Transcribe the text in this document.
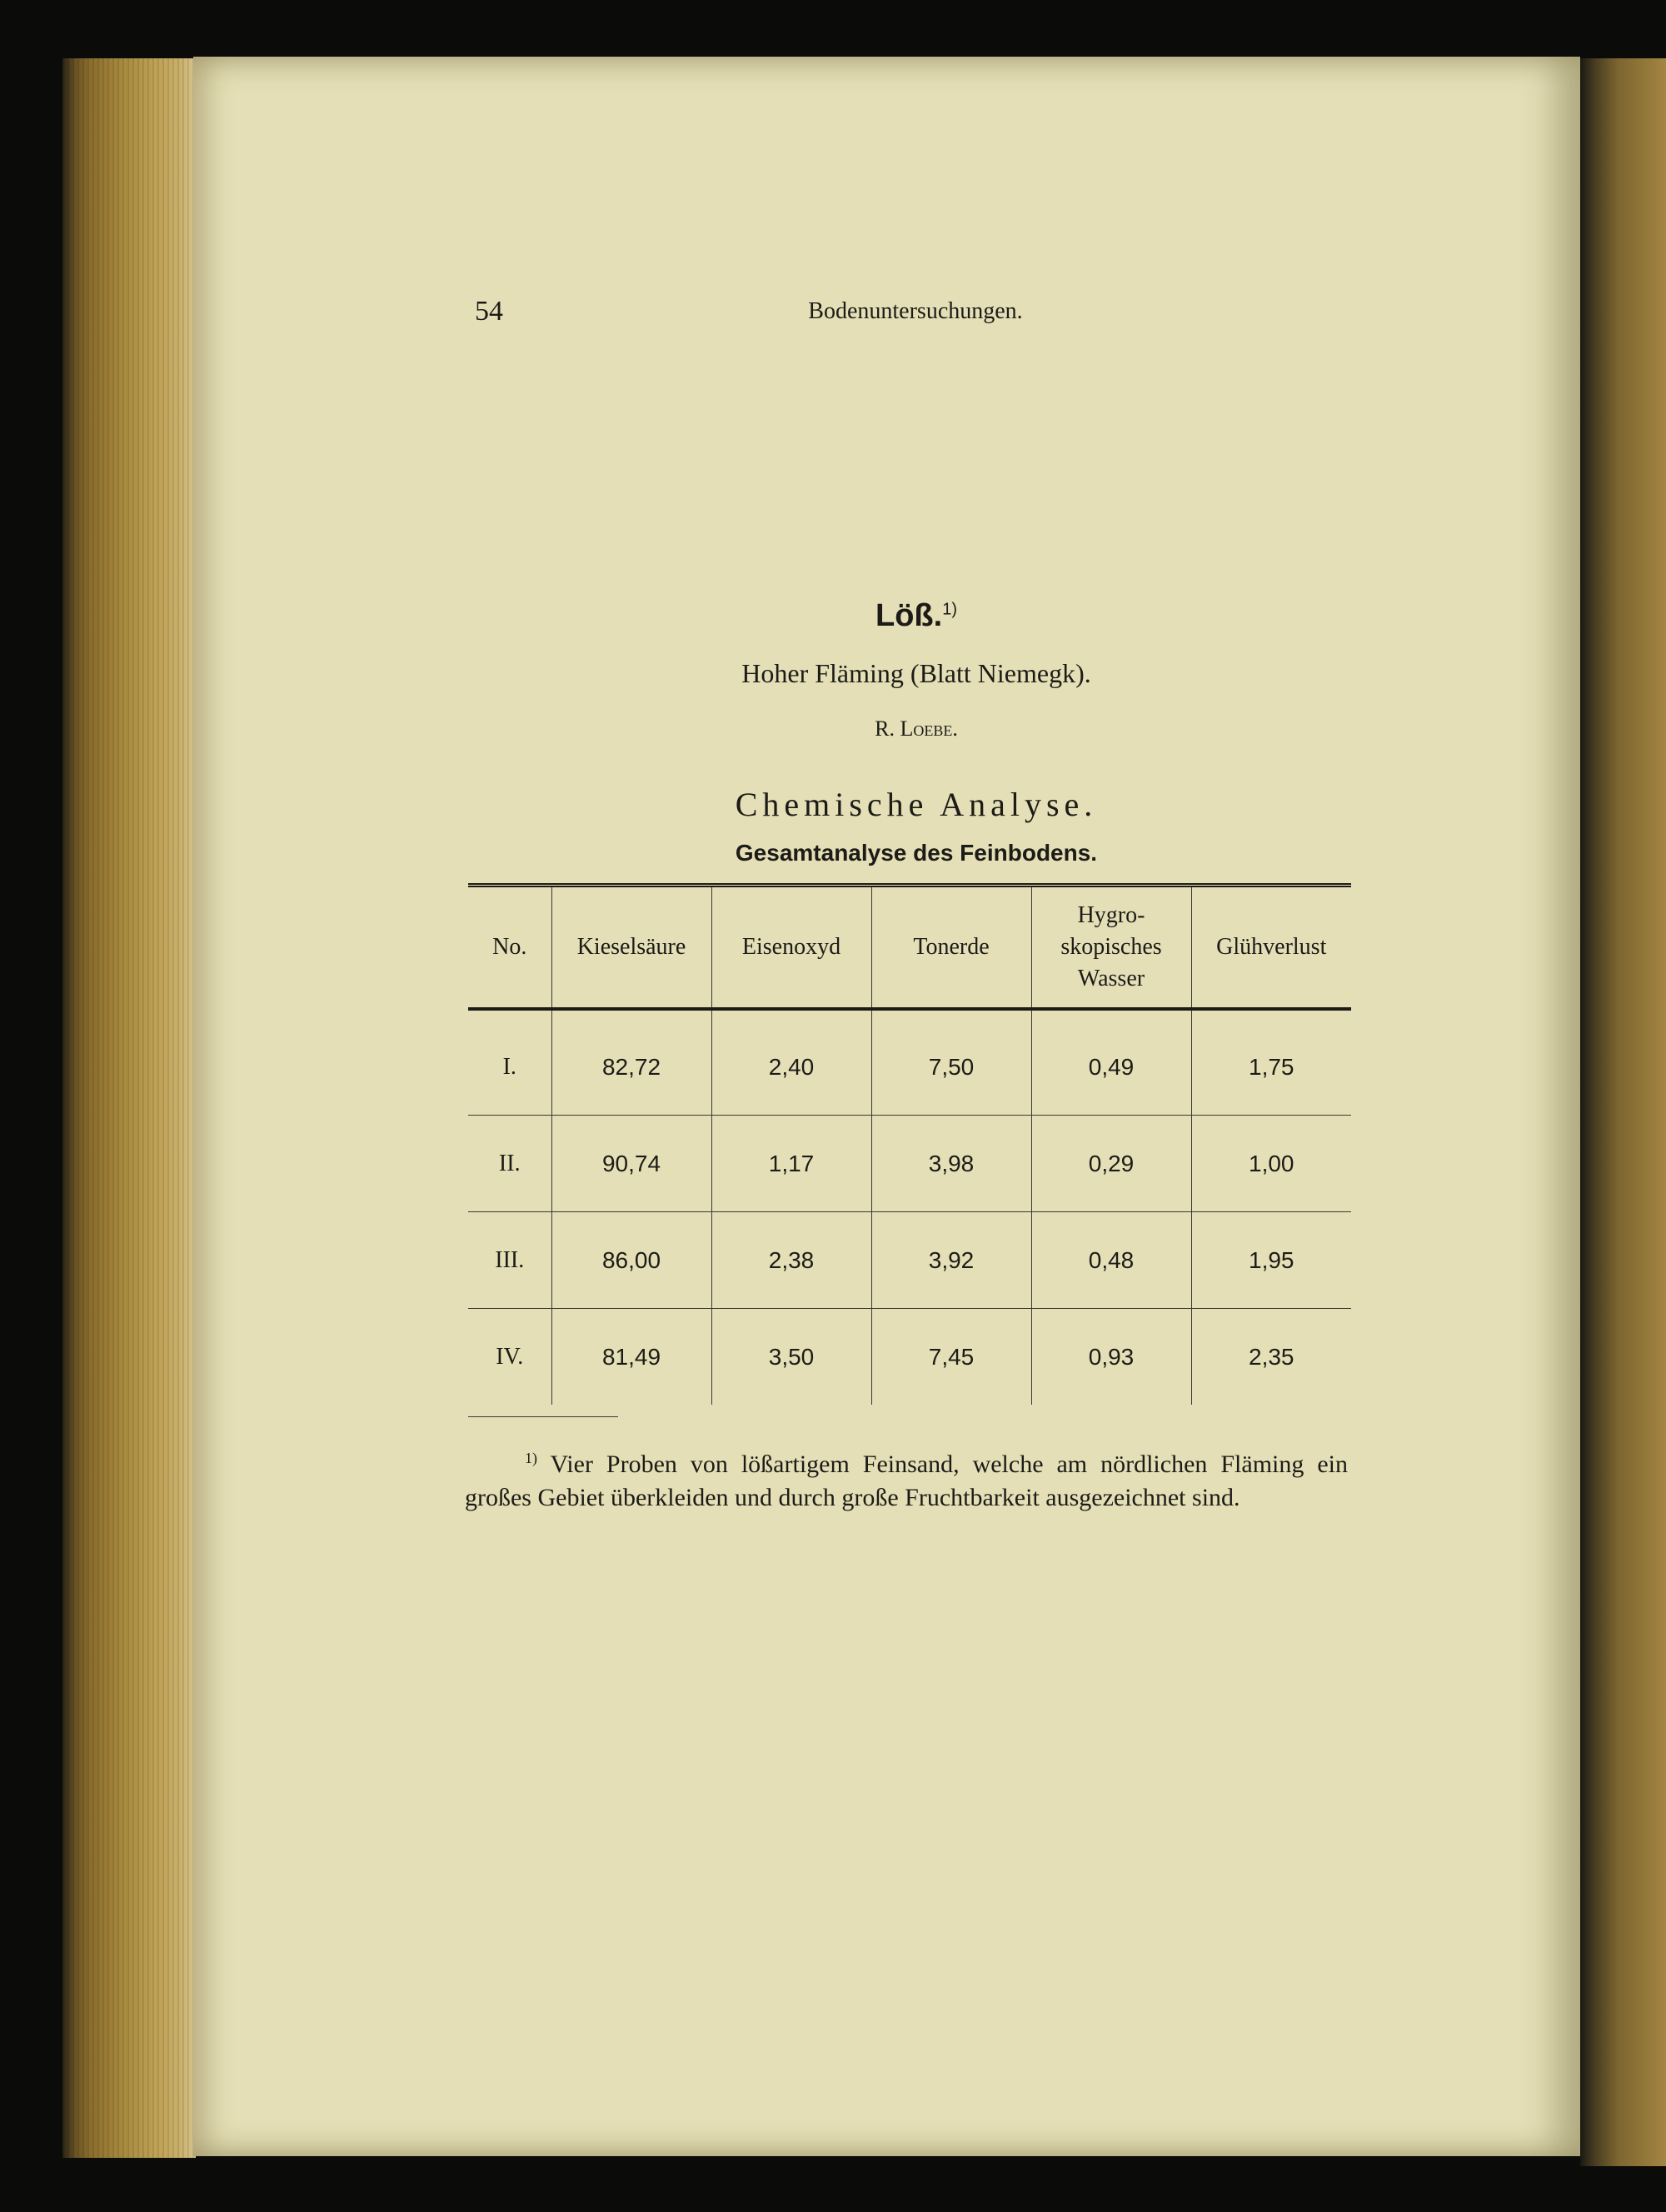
54	Bodenuntersuchungen.
Löß.$^{1)}$
Hoher Fläming (Blatt Niemegk).
R. Loebe.
Chemische Analyse.
Gesamtanalyse des Feinbodens.
No.	Kieselsäure	Eisenoxyd	Tonerde	Hygro-
skopisches
Wasser	Glühverlust
I.	82,72	2,40	7,50	0,49	1,75
II.	90,74	1,17	3,98	0,29	1,00
III.	86,00	2,38	3,92	0,48	1,95
IV.	81,49	3,50	7,45	0,93	2,35
$^{1)}$ Vier Proben von lößartigem Feinsand, welche am nördlichen Fläming ein großes Gebiet überkleiden und durch große Fruchtbarkeit ausgezeichnet sind.
